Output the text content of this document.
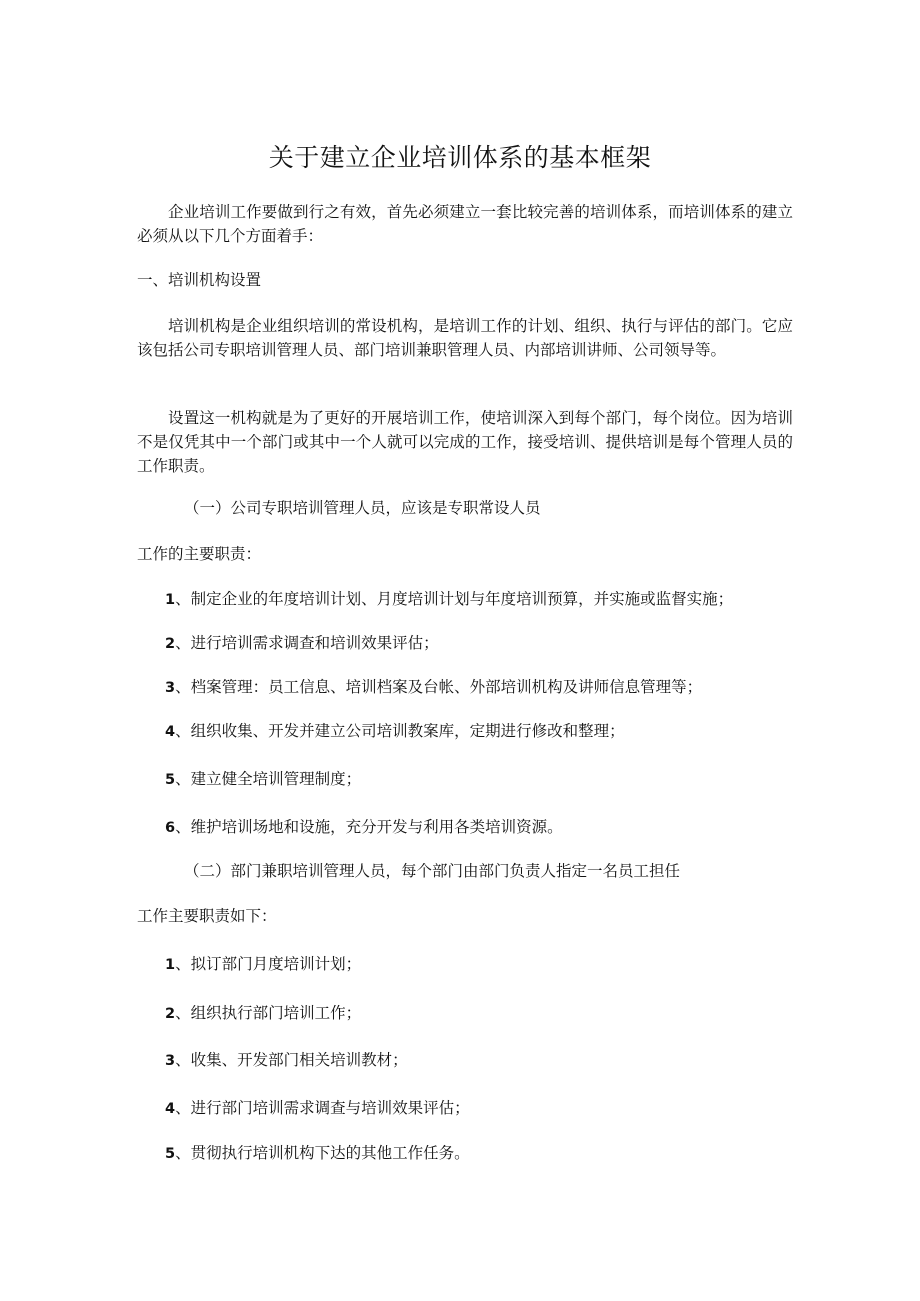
关于建立企业培训体系的基本框架

企业培训工作要做到行之有效，首先必须建立一套比较完善的培训体系，而培训体系的建立必须从以下几个方面着手：

一、培训机构设置

培训机构是企业组织培训的常设机构，是培训工作的计划、组织、执行与评估的部门。它应该包括公司专职培训管理人员、部门培训兼职管理人员、内部培训讲师、公司领导等。

设置这一机构就是为了更好的开展培训工作，使培训深入到每个部门，每个岗位。因为培训不是仅凭其中一个部门或其中一个人就可以完成的工作，接受培训、提供培训是每个管理人员的工作职责。

（一）公司专职培训管理人员，应该是专职常设人员
工作的主要职责：
1、制定企业的年度培训计划、月度培训计划与年度培训预算，并实施或监督实施；
2、进行培训需求调查和培训效果评估；
3、档案管理：员工信息、培训档案及台帐、外部培训机构及讲师信息管理等；
4、组织收集、开发并建立公司培训教案库，定期进行修改和整理；
5、建立健全培训管理制度；
6、维护培训场地和设施，充分开发与利用各类培训资源。
（二）部门兼职培训管理人员，每个部门由部门负责人指定一名员工担任
工作主要职责如下：
1、拟订部门月度培训计划；
2、组织执行部门培训工作；
3、收集、开发部门相关培训教材；
4、进行部门培训需求调查与培训效果评估；
5、贯彻执行培训机构下达的其他工作任务。
